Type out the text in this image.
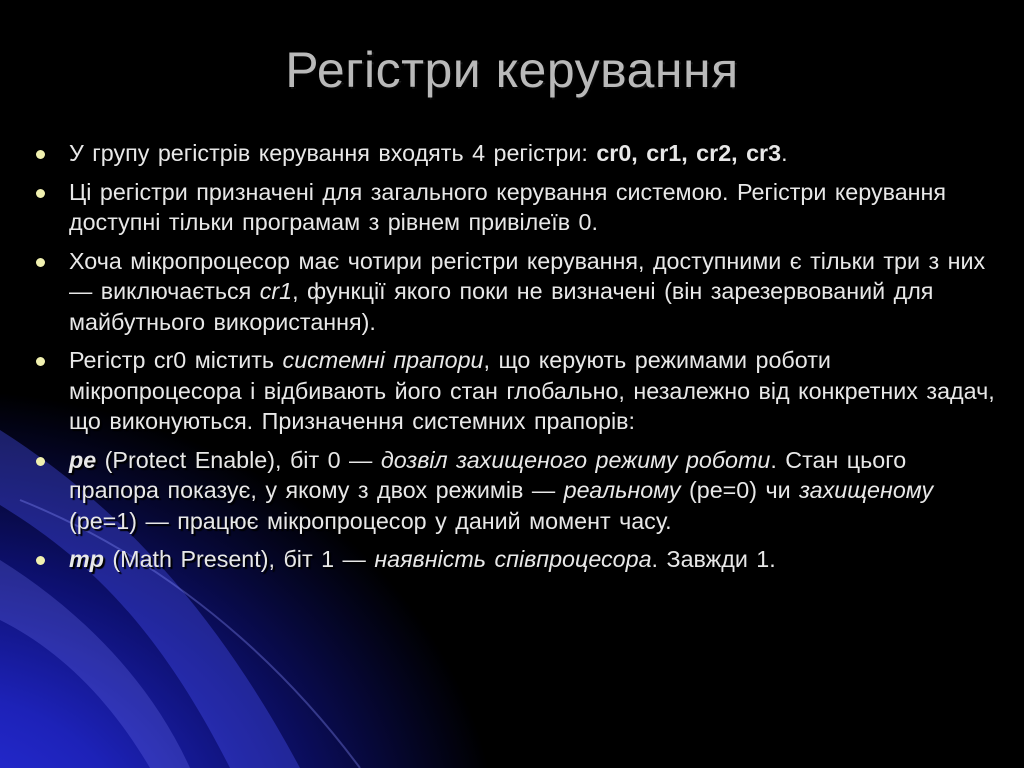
Регістри керування
У групу регістрів керування входять 4 регістри: cr0, cr1, cr2, cr3.
Ці регістри призначені для загального керування системою. Регістри керування доступні тільки програмам з рівнем привілеїв 0.
Хоча мікропроцесор має чотири регістри керування, доступними є тільки три з них — виключається cr1, функції якого поки не визначені (він зарезервований для майбутнього використання).
Регістр cr0 містить системні прапори, що керують режимами роботи мікропроцесора і відбивають його стан глобально, незалежно від конкретних задач, що виконуються. Призначення системних прапорів:
pe (Protect Enable), біт 0 — дозвіл захищеного режиму роботи. Стан цього прапора показує, у якому з двох режимів — реальному (pe=0) чи захищеному (pe=1) — працює мікропроцесор у даний момент часу.
mp (Math Present), біт 1 — наявність співпроцесора. Завжди 1.
